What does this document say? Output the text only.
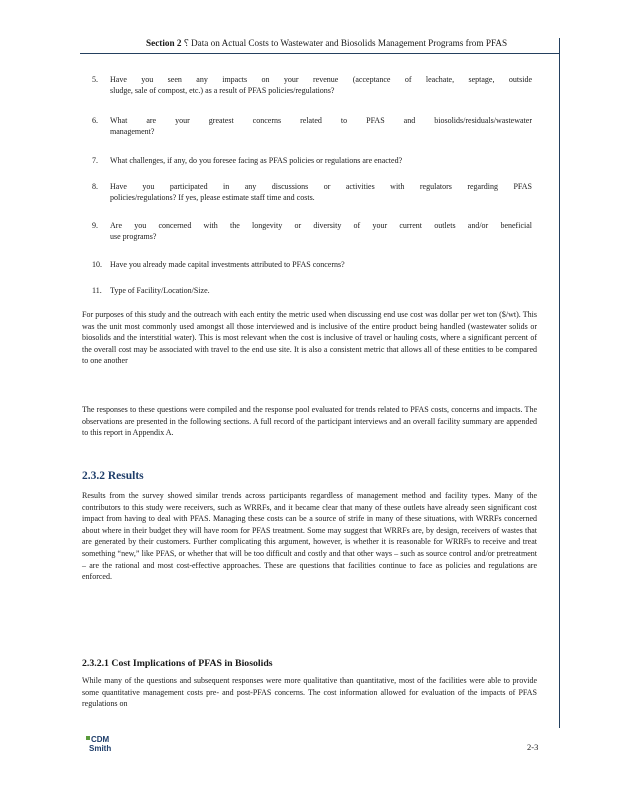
Section 2 ⸮ Data on Actual Costs to Wastewater and Biosolids Management Programs from PFAS
5.	Have you seen any impacts on your revenue (acceptance of leachate, septage, outside
sludge, sale of compost, etc.) as a result of PFAS policies/regulations?
6.	What are your greatest concerns related to PFAS and biosolids/residuals/wastewater
management?
7.	What challenges, if any, do you foresee facing as PFAS policies or regulations are enacted?
8.	Have you participated in any discussions or activities with regulators regarding PFAS
policies/regulations? If yes, please estimate staff time and costs.
9.	Are you concerned with the longevity or diversity of your current outlets and/or beneficial
use programs?
10.	Have you already made capital investments attributed to PFAS concerns?
11.	Type of Facility/Location/Size.

For purposes of this study and the outreach with each entity the metric used when discussing end use cost was dollar per wet ton ($/wt). This was the unit most commonly used amongst all those interviewed and is inclusive of the entire product being handled (wastewater solids or biosolids and the interstitial water). This is most relevant when the cost is inclusive of travel or hauling costs, where a significant percent of the overall cost may be associated with travel to the end use site. It is also a consistent metric that allows all of these entities to be compared to one another

The responses to these questions were compiled and the response pool evaluated for trends related to PFAS costs, concerns and impacts. The observations are presented in the following sections. A full record of the participant interviews and an overall facility summary are appended to this report in Appendix A.

2.3.2 Results

Results from the survey showed similar trends across participants regardless of management method and facility types. Many of the contributors to this study were receivers, such as WRRFs, and it became clear that many of these outlets have already seen significant cost impact from having to deal with PFAS. Managing these costs can be a source of strife in many of these situations, with WRRFs concerned about where in their budget they will have room for PFAS treatment. Some may suggest that WRRFs are, by design, receivers of wastes that are generated by their customers. Further complicating this argument, however, is whether it is reasonable for WRRFs to receive and treat something “new,” like PFAS, or whether that will be too difficult and costly and that other ways – such as source control and/or pretreatment – are the rational and most cost-effective approaches. These are questions that facilities continue to face as policies and regulations are enforced.

2.3.2.1 Cost Implications of PFAS in Biosolids

While many of the questions and subsequent responses were more qualitative than quantitative, most of the facilities were able to provide some quantitative management costs pre- and post-PFAS concerns. The cost information allowed for evaluation of the impacts of PFAS regulations on

CDM
Smith	2-3
